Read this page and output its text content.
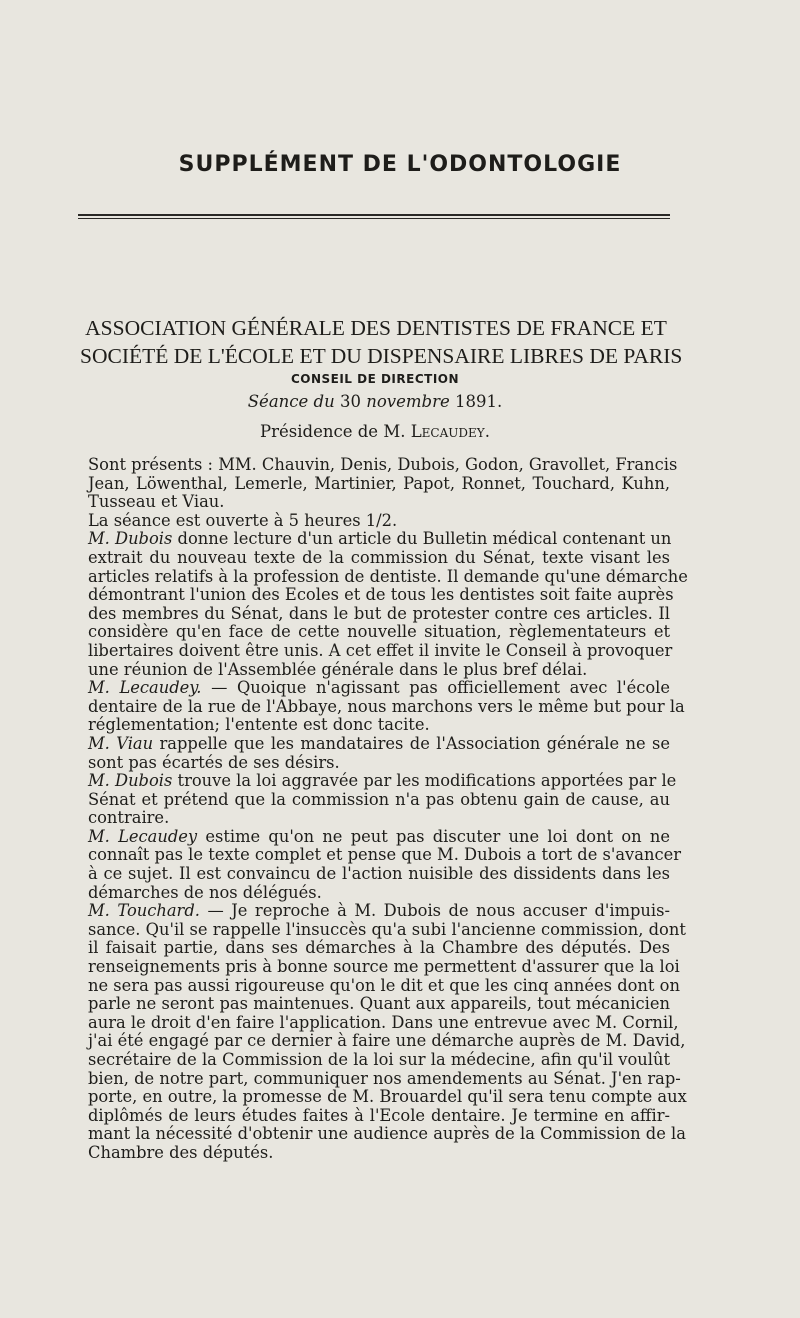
SUPPLÉMENT DE L'ODONTOLOGIE
ASSOCIATION GÉNÉRALE DES DENTISTES DE FRANCE ET
SOCIÉTÉ DE L'ÉCOLE ET DU DISPENSAIRE LIBRES DE PARIS
CONSEIL DE DIRECTION
Séance du 30 novembre 1891.
Présidence de M. Lecaudey.
Sont présents : MM. Chauvin, Denis, Dubois, Godon, Gravollet, Francis
Jean, Löwenthal, Lemerle, Martinier, Papot, Ronnet, Touchard, Kuhn,
Tusseau et Viau.
La séance est ouverte à 5 heures 1/2.
M. Dubois donne lecture d'un article du Bulletin médical contenant un
extrait du nouveau texte de la commission du Sénat, texte visant les
articles relatifs à la profession de dentiste. Il demande qu'une démarche
démontrant l'union des Ecoles et de tous les dentistes soit faite auprès
des membres du Sénat, dans le but de protester contre ces articles. Il
considère qu'en face de cette nouvelle situation, règlementateurs et
libertaires doivent être unis. A cet effet il invite le Conseil à provoquer
une réunion de l'Assemblée générale dans le plus bref délai.
M. Lecaudey. — Quoique n'agissant pas officiellement avec l'école
dentaire de la rue de l'Abbaye, nous marchons vers le même but pour la
réglementation; l'entente est donc tacite.
M. Viau rappelle que les mandataires de l'Association générale ne se
sont pas écartés de ses désirs.
M. Dubois trouve la loi aggravée par les modifications apportées par le
Sénat et prétend que la commission n'a pas obtenu gain de cause, au
contraire.
M. Lecaudey estime qu'on ne peut pas discuter une loi dont on ne
connaît pas le texte complet et pense que M. Dubois a tort de s'avancer
à ce sujet. Il est convaincu de l'action nuisible des dissidents dans les
démarches de nos délégués.
M. Touchard. — Je reproche à M. Dubois de nous accuser d'impuis-
sance. Qu'il se rappelle l'insuccès qu'a subi l'ancienne commission, dont
il faisait partie, dans ses démarches à la Chambre des députés. Des
renseignements pris à bonne source me permettent d'assurer que la loi
ne sera pas aussi rigoureuse qu'on le dit et que les cinq années dont on
parle ne seront pas maintenues. Quant aux appareils, tout mécanicien
aura le droit d'en faire l'application. Dans une entrevue avec M. Cornil,
j'ai été engagé par ce dernier à faire une démarche auprès de M. David,
secrétaire de la Commission de la loi sur la médecine, afin qu'il voulût
bien, de notre part, communiquer nos amendements au Sénat. J'en rap-
porte, en outre, la promesse de M. Brouardel qu'il sera tenu compte aux
diplômés de leurs études faites à l'Ecole dentaire. Je termine en affir-
mant la nécessité d'obtenir une audience auprès de la Commission de la
Chambre des députés.
